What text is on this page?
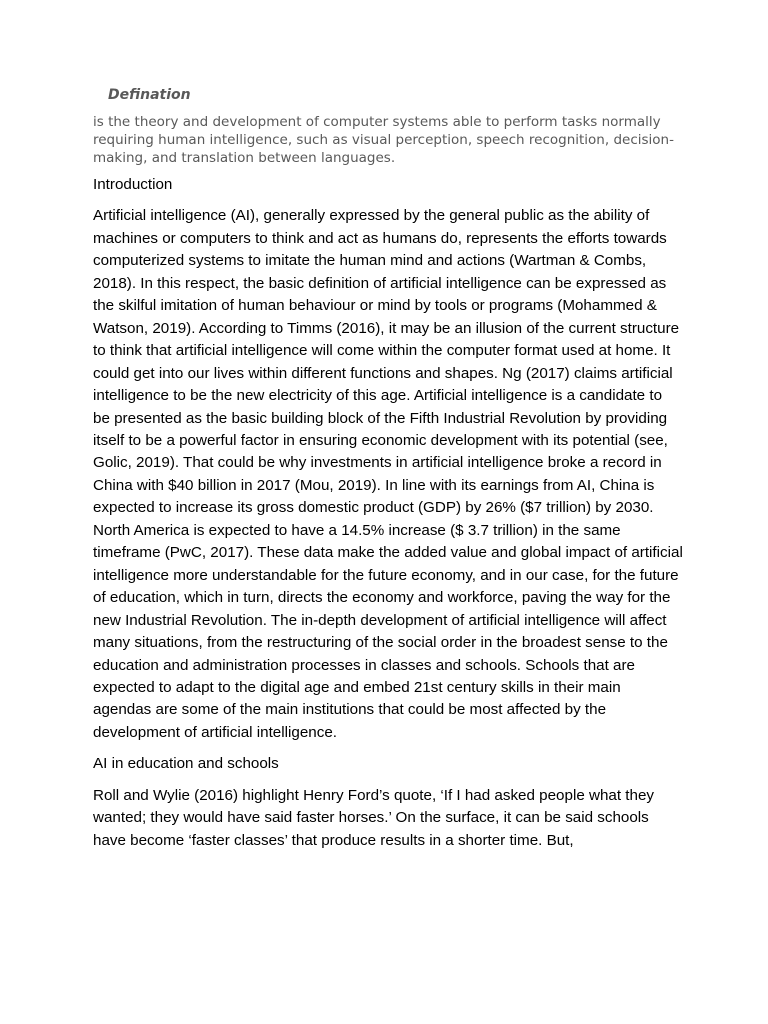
Defination

is the theory and development of computer systems able to perform tasks normally requiring human intelligence, such as visual perception, speech recognition, decision-making, and translation between languages.

Introduction

Artificial intelligence (AI), generally expressed by the general public as the ability of machines or computers to think and act as humans do, represents the efforts towards computerized systems to imitate the human mind and actions (Wartman & Combs, 2018). In this respect, the basic definition of artificial intelligence can be expressed as the skilful imitation of human behaviour or mind by tools or programs (Mohammed & Watson, 2019). According to Timms (2016), it may be an illusion of the current structure to think that artificial intelligence will come within the computer format used at home. It could get into our lives within different functions and shapes. Ng (2017) claims artificial intelligence to be the new electricity of this age. Artificial intelligence is a candidate to be presented as the basic building block of the Fifth Industrial Revolution by providing itself to be a powerful factor in ensuring economic development with its potential (see, Golic, 2019). That could be why investments in artificial intelligence broke a record in China with $40 billion in 2017 (Mou, 2019). In line with its earnings from AI, China is expected to increase its gross domestic product (GDP) by 26% ($7 trillion) by 2030. North America is expected to have a 14.5% increase ($ 3.7 trillion) in the same timeframe (PwC, 2017). These data make the added value and global impact of artificial intelligence more understandable for the future economy, and in our case, for the future of education, which in turn, directs the economy and workforce, paving the way for the new Industrial Revolution. The in-depth development of artificial intelligence will affect many situations, from the restructuring of the social order in the broadest sense to the education and administration processes in classes and schools. Schools that are expected to adapt to the digital age and embed 21st century skills in their main agendas are some of the main institutions that could be most affected by the development of artificial intelligence.

AI in education and schools

Roll and Wylie (2016) highlight Henry Ford’s quote, ‘If I had asked people what they wanted; they would have said faster horses.’ On the surface, it can be said schools have become ‘faster classes’ that produce results in a shorter time. But,
